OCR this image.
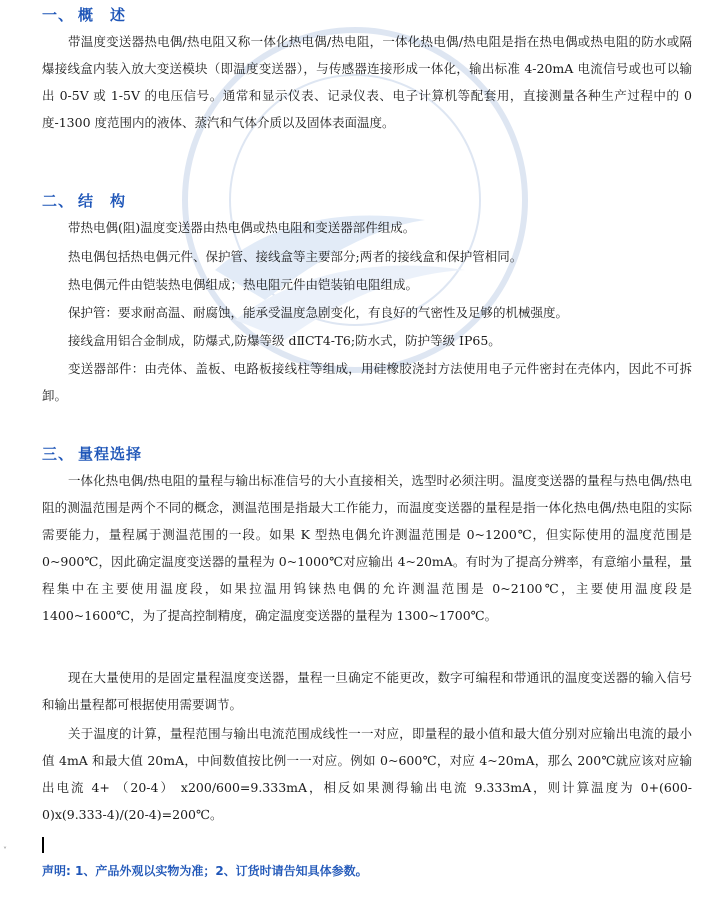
一、 概　述
带温度变送器热电偶/热电阻又称一体化热电偶/热电阻，一体化热电偶/热电阻是指在热电偶或热电阻的防水或隔爆接线盒内装入放大变送模块（即温度变送器），与传感器连接形成一体化，输出标准 4-20mA 电流信号或也可以输出 0-5V 或 1-5V 的电压信号。通常和显示仪表、记录仪表、电子计算机等配套用，直接测量各种生产过程中的 0 度-1300 度范围内的液体、蒸汽和气体介质以及固体表面温度。
二、 结　构
带热电偶(阻)温度变送器由热电偶或热电阻和变送器部件组成。
热电偶包括热电偶元件、保护管、接线盒等主要部分;两者的接线盒和保护管相同。
热电偶元件由铠装热电偶组成；热电阻元件由铠装铂电阻组成。
保护管：要求耐高温、耐腐蚀，能承受温度急剧变化，有良好的气密性及足够的机械强度。
接线盒用铝合金制成，防爆式,防爆等级 dⅡCT4-T6;防水式，防护等级 IP65。
变送器部件：由壳体、盖板、电路板接线柱等组成，用硅橡胶浇封方法使用电子元件密封在壳体内，因此不可拆卸。
三、 量程选择
一体化热电偶/热电阻的量程与输出标准信号的大小直接相关，选型时必须注明。温度变送器的量程与热电偶/热电阻的测温范围是两个不同的概念，测温范围是指最大工作能力，而温度变送器的量程是指一体化热电偶/热电阻的实际需要能力，量程属于测温范围的一段。如果 K 型热电偶允许测温范围是 0~1200℃，但实际使用的温度范围是 0~900℃，因此确定温度变送器的量程为 0~1000℃对应输出 4~20mA。有时为了提高分辨率，有意缩小量程，量程集中在主要使用温度段，如果拉温用钨铼热电偶的允许测温范围是 0~2100℃，主要使用温度段是 1400~1600℃，为了提高控制精度，确定温度变送器的量程为 1300~1700℃。
现在大量使用的是固定量程温度变送器，量程一旦确定不能更改，数字可编程和带通讯的温度变送器的输入信号和输出量程都可根据使用需要调节。
关于温度的计算，量程范围与输出电流范围成线性一一对应，即量程的最小值和最大值分别对应输出电流的最小值 4mA 和最大值 20mA，中间数值按比例一一对应。例如 0~600℃，对应 4~20mA，那么 200℃就应该对应输出电流 4+ （20-4） x200/600=9.333mA，相反如果测得输出电流 9.333mA，则计算温度为 0+(600-0)x(9.333-4)/(20-4)=200℃。
˅
声明: 1、产品外观以实物为准；2、订货时请告知具体参数。
